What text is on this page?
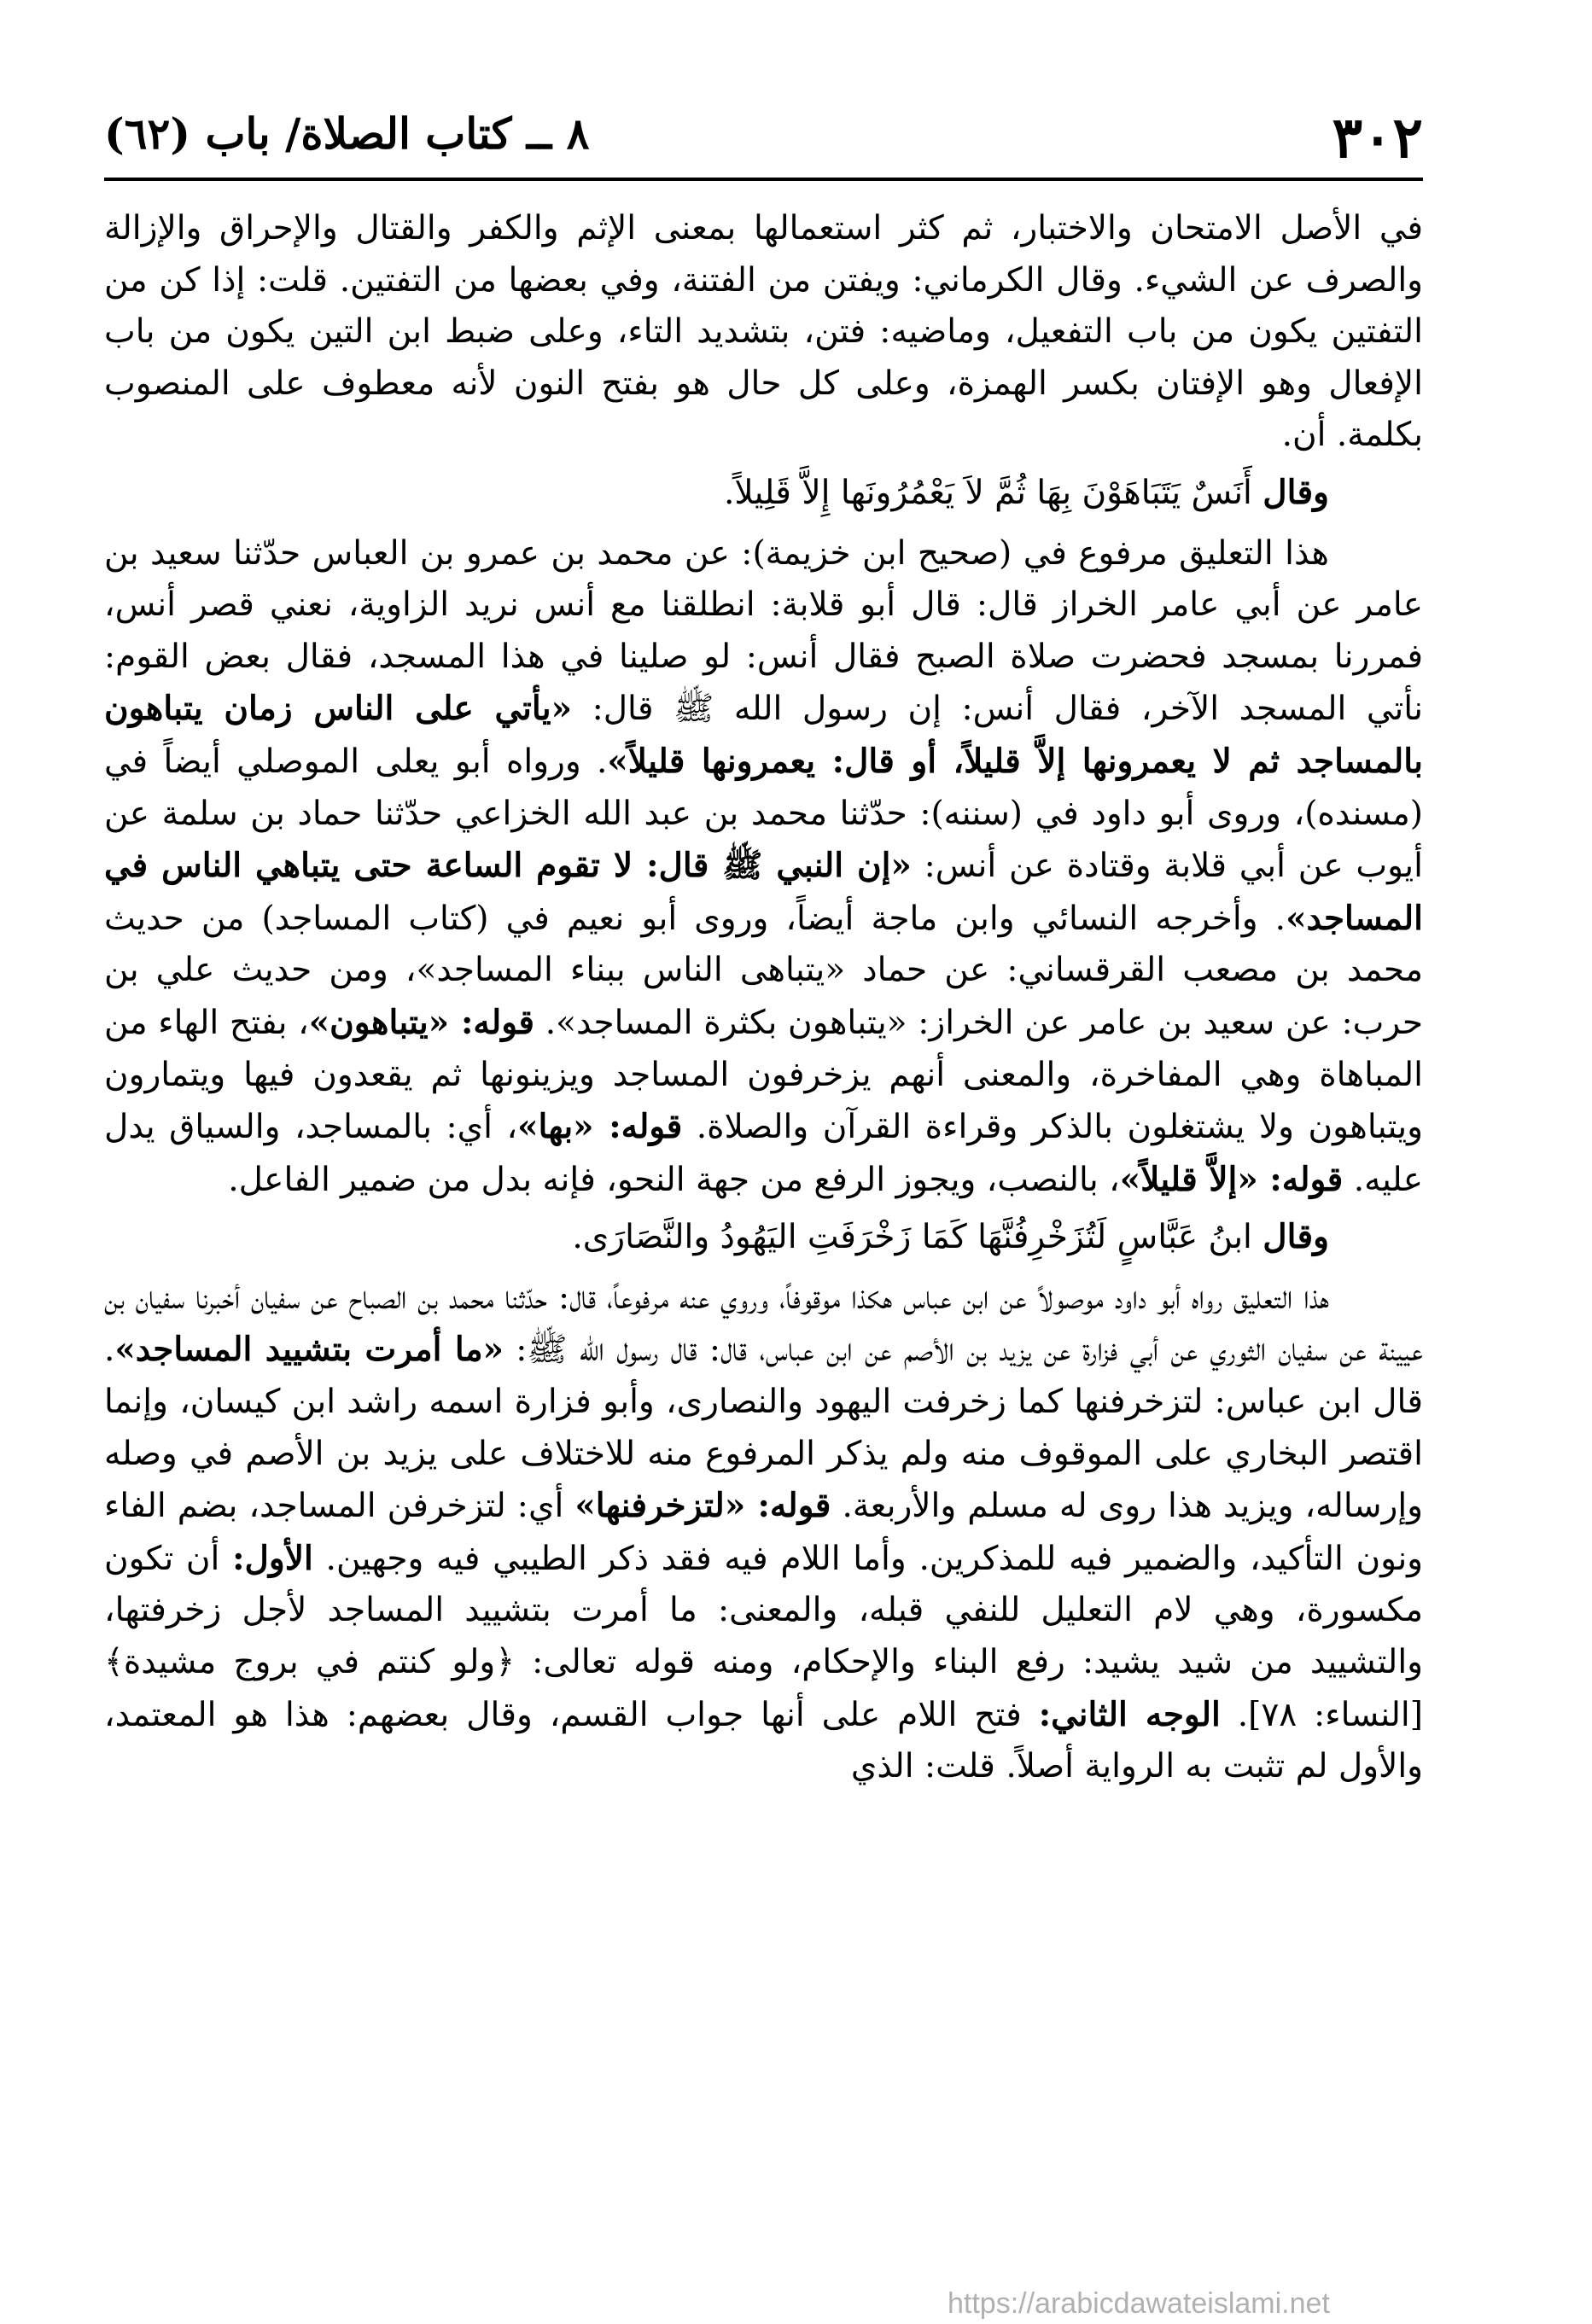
٣٠٢
٨ ــ كتاب الصلاة/ باب (٦٢)

في الأصل الامتحان والاختبار، ثم كثر استعمالها بمعنى الإثم والكفر والقتال والإحراق والإزالة والصرف عن الشيء. وقال الكرماني: ويفتن من الفتنة، وفي بعضها من التفتين. قلت: إذا كن من التفتين يكون من باب التفعيل، وماضيه: فتن، بتشديد التاء، وعلى ضبط ابن التين يكون من باب الإفعال وهو الإفتان بكسر الهمزة، وعلى كل حال هو بفتح النون لأنه معطوف على المنصوب بكلمة. أن.

وقال أَنَسٌ يَتَبَاهَوْنَ بِهَا ثُمَّ لاَ يَعْمُرُونَها إِلاَّ قَلِيلاً.

هذا التعليق مرفوع في (صحيح ابن خزيمة): عن محمد بن عمرو بن العباس حدّثنا سعيد بن عامر عن أبي عامر الخراز قال: قال أبو قلابة: انطلقنا مع أنس نريد الزاوية، نعني قصر أنس، فمررنا بمسجد فحضرت صلاة الصبح فقال أنس: لو صلينا في هذا المسجد، فقال بعض القوم: نأتي المسجد الآخر، فقال أنس: إن رسول الله ﷺ قال: «يأتي على الناس زمان يتباهون بالمساجد ثم لا يعمرونها إلاَّ قليلاً، أو قال: يعمرونها قليلاً». ورواه أبو يعلى الموصلي أيضاً في (مسنده)، وروى أبو داود في (سننه): حدّثنا محمد بن عبد الله الخزاعي حدّثنا حماد بن سلمة عن أيوب عن أبي قلابة وقتادة عن أنس: «إن النبي ﷺ قال: لا تقوم الساعة حتى يتباهي الناس في المساجد». وأخرجه النسائي وابن ماجة أيضاً، وروى أبو نعيم في (كتاب المساجد) من حديث محمد بن مصعب القرقساني: عن حماد «يتباهى الناس ببناء المساجد»، ومن حديث علي بن حرب: عن سعيد بن عامر عن الخراز: «يتباهون بكثرة المساجد». قوله: «يتباهون»، بفتح الهاء من المباهاة وهي المفاخرة، والمعنى أنهم يزخرفون المساجد ويزينونها ثم يقعدون فيها ويتمارون ويتباهون ولا يشتغلون بالذكر وقراءة القرآن والصلاة. قوله: «بها»، أي: بالمساجد، والسياق يدل عليه. قوله: «إلاَّ قليلاً»، بالنصب، ويجوز الرفع من جهة النحو، فإنه بدل من ضمير الفاعل.

وقال ابنُ عَبَّاسٍ لَتُزَخْرِفُنَّهَا كَمَا زَخْرَفَتِ اليَهُودُ والنَّصَارَى.

هذا التعليق رواه أبو داود موصولاً عن ابن عباس هكذا موقوفاً، وروي عنه مرفوعاً، قال: حدّثنا محمد بن الصباح عن سفيان أخبرنا سفيان بن عيينة عن سفيان الثوري عن أبي فزارة عن يزيد بن الأصم عن ابن عباس، قال: قال رسول الله ﷺ: «ما أمرت بتشييد المساجد». قال ابن عباس: لتزخرفنها كما زخرفت اليهود والنصارى، وأبو فزارة اسمه راشد ابن كيسان، وإنما اقتصر البخاري على الموقوف منه ولم يذكر المرفوع منه للاختلاف على يزيد بن الأصم في وصله وإرساله، ويزيد هذا روى له مسلم والأربعة. قوله: «لتزخرفنها» أي: لتزخرفن المساجد، بضم الفاء ونون التأكيد، والضمير فيه للمذكرين. وأما اللام فيه فقد ذكر الطيبي فيه وجهين. الأول: أن تكون مكسورة، وهي لام التعليل للنفي قبله، والمعنى: ما أمرت بتشييد المساجد لأجل زخرفتها، والتشييد من شيد يشيد: رفع البناء والإحكام، ومنه قوله تعالى: ﴿ولو كنتم في بروج مشيدة﴾ [النساء: ٧٨]. الوجه الثاني: فتح اللام على أنها جواب القسم، وقال بعضهم: هذا هو المعتمد، والأول لم تثبت به الرواية أصلاً. قلت: الذي

https://arabicdawateislami.net
